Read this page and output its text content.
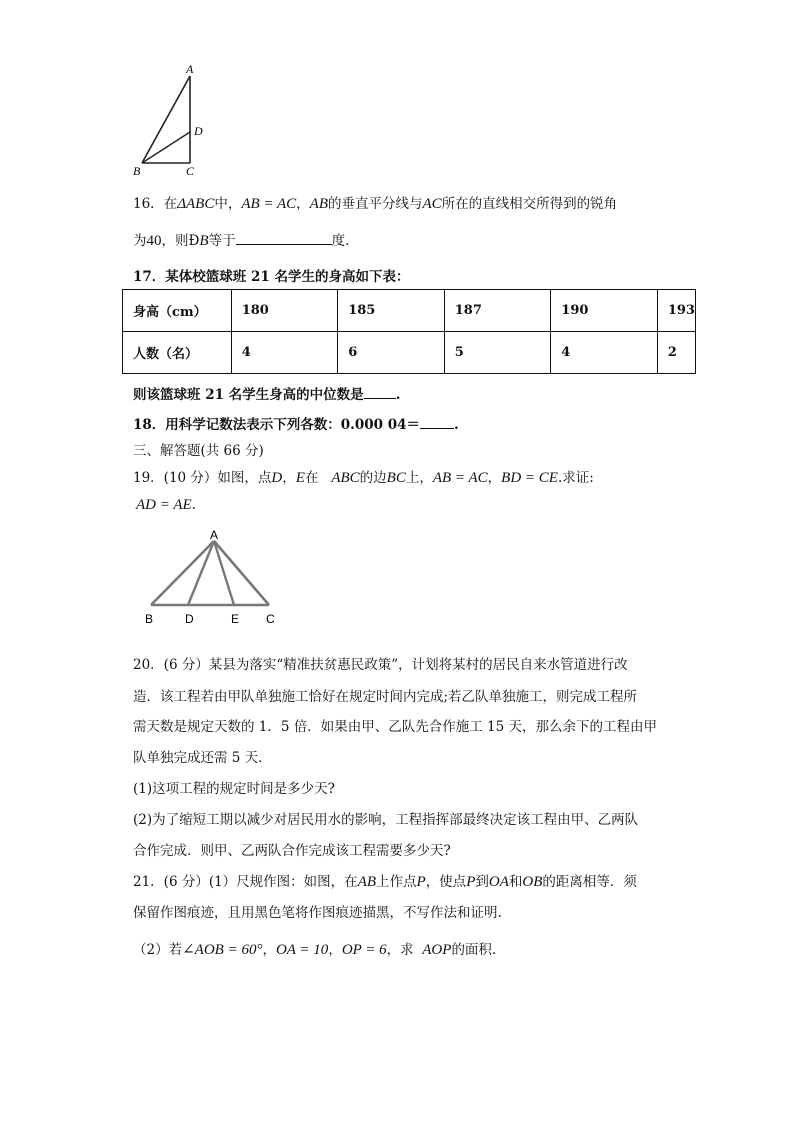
A
D
B	C
16．在ΔABC中，AB = AC，AB的垂直平分线与AC所在的直线相交所得到的锐角
为40，则ÐB等于	度.
17．某体校篮球班 21 名学生的身高如下表：
身高（cm）	180	185	187	190	193
人数（名）	4	6	5	4	2
则该篮球班 21 名学生身高的中位数是 .
18．用科学记数法表示下列各数：0.000 04＝	.
三、解答题(共 66 分)
19．(10 分）如图，点D，E在 ABC的边BC上，AB = AC，BD = CE.求证:
AD = AE.
A
B	D	E C
20．(6 分）某县为落实“精准扶贫惠民政策”，计划将某村的居民自来水管道进行改
造．该工程若由甲队单独施工恰好在规定时间内完成;若乙队单独施工，则完成工程所
需天数是规定天数的 1．5 倍．如果由甲、乙队先合作施工 15 天，那么余下的工程由甲
队单独完成还需 5 天．
(1)这项工程的规定时间是多少天?
(2)为了缩短工期以减少对居民用水的影响，工程指挥部最终决定该工程由甲、乙两队
合作完成．则甲、乙两队合作完成该工程需要多少天?
21．(6 分）(1）尺规作图：如图，在AB上作点P，使点P到OA和OB的距离相等．须
保留作图痕迹，且用黑色笔将作图痕迹描黑，不写作法和证明.
（2）若∠AOB = 60°，OA = 10，OP = 6，求 AOP的面积.
